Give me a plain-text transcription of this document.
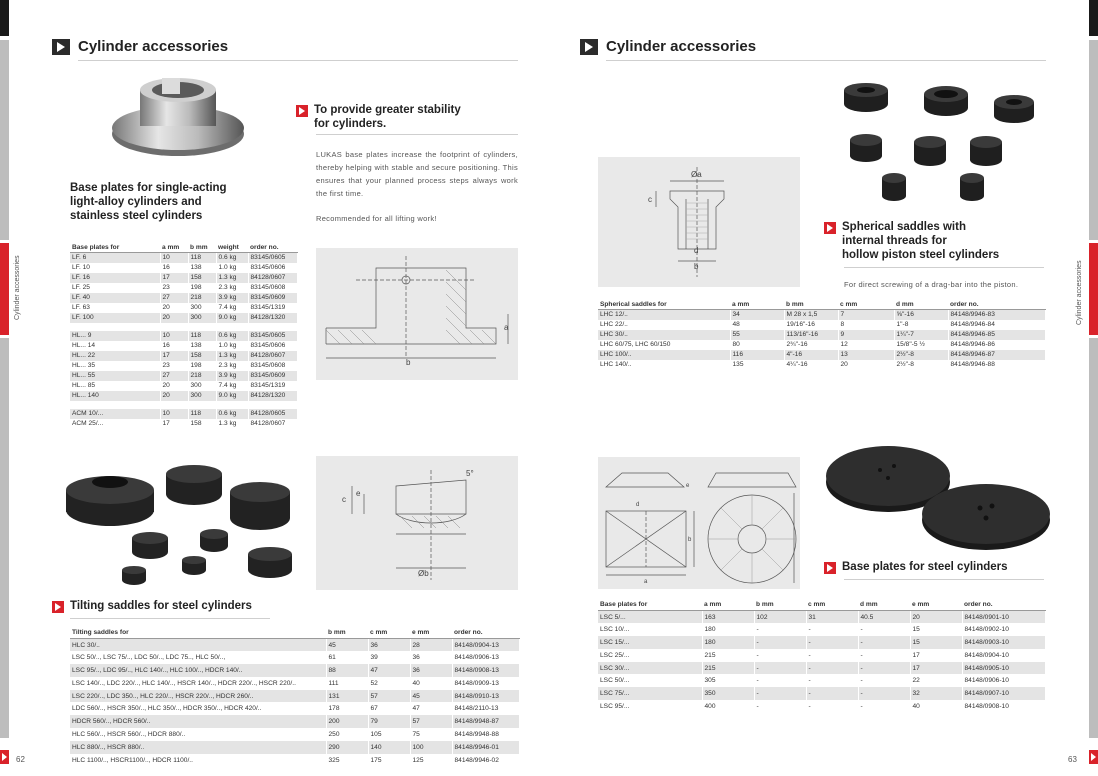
Cylinder accessories
62
Cylinder accessories
63
Cylinder accessories
Base plates for single-acting
light-alloy cylinders and
stainless steel cylinders
Base plates for	a mm	b mm	weight	order no.
LF. 6	10	118	0.6 kg	83145/0605
LF. 10	16	138	1.0 kg	83145/0606
LF. 16	17	158	1.3 kg	84128/0607
LF. 25	23	198	2.3 kg	83145/0608
LF. 40	27	218	3.9 kg	83145/0609
LF. 63	20	300	7.4 kg	83145/1319
LF. 100	20	300	9.0 kg	84128/1320

HL... 9	10	118	0.6 kg	83145/0605
HL... 14	16	138	1.0 kg	83145/0606
HL... 22	17	158	1.3 kg	84128/0607
HL... 35	23	198	2.3 kg	83145/0608
HL... 55	27	218	3.9 kg	83145/0609
HL... 85	20	300	7.4 kg	83145/1319
HL... 140	20	300	9.0 kg	84128/1320

ACM 10/...	10	118	0.6 kg	84128/0605
ACM 25/...	17	158	1.3 kg	84128/0607
To provide greater stability
for cylinders.
LUKAS base plates increase the footprint of cylinders, thereby helping with stable and secure positioning. This ensures that your planned process steps always work the first time.
Recommended for all lifting work!
b
a
e
c
5°
Øb
Tilting saddles for steel cylinders
Tilting saddles for	b mm	c mm	e mm	order no.
HLC 30/..	45	36	28	84148/0904-13
LSC 50/.., LSC 75/.., LDC 50/.., LDC 75.., HLC 50/..,	61	39	36	84148/0906-13
LSC 95/.., LDC 95/.., HLC 140/.., HLC 100/.., HDCR 140/..	88	47	36	84148/0908-13
LSC 140/.., LDC 220/.., HLC 140/.., HSCR 140/.., HDCR 220/.., HSCR 220/..	111	52	40	84148/0909-13
LSC 220/.., LDC 350.., HLC 220/.., HSCR 220/.., HDCR 260/..	131	57	45	84148/0910-13
LDC 560/.., HSCR 350/.., HLC 350/.., HDCR 350/.., HDCR 420/..	178	67	47	84148/2110-13
HDCR 560/.., HDCR 560/..	200	79	57	84148/9948-87
HLC 560/.., HSCR 560/.., HDCR 880/..	250	105	75	84148/9948-88
HLC 880/.., HSCR 880/..	290	140	100	84148/9946-01
HLC 1100/.., HSCR1100/.., HDCR 1100/..	325	175	125	84148/9946-02
Cylinder accessories
Øa
c
d
b
Spherical saddles with
internal threads for
hollow piston steel cylinders
For direct screwing of a drag-bar into the piston.
Spherical saddles for	a mm	b mm	c mm	d mm	order no.
LHC 12/..	34	M 28 x 1,5	7	⅝"-16	84148/9946-83
LHC 22/..	48	19/16"-16	8	1"-8	84148/9946-84
LHC 30/..	55	113/16"-16	9	1¼"-7	84148/9946-85
LHC 60/75, LHC 60/150	80	2¾"-16	12	15/8"-5 ½	84148/9946-86
LHC 100/..	116	4"-16	13	2½"-8	84148/9946-87
LHC 140/..	135	4¼"-16	20	2½"-8	84148/9946-88
e
d
b
a
Base plates for steel cylinders
Base plates for	a mm	b mm	c mm	d mm	e mm	order no.
LSC 5/...	163	102	31	40.5	20	84148/0901-10
LSC 10/...	180	-	-	-	15	84148/0902-10
LSC 15/...	180	-	-	-	15	84148/0903-10
LSC 25/...	215	-	-	-	17	84148/0904-10
LSC 30/...	215	-	-	-	17	84148/0905-10
LSC 50/...	305	-	-	-	22	84148/0906-10
LSC 75/...	350	-	-	-	32	84148/0907-10
LSC 95/...	400	-	-	-	40	84148/0908-10
